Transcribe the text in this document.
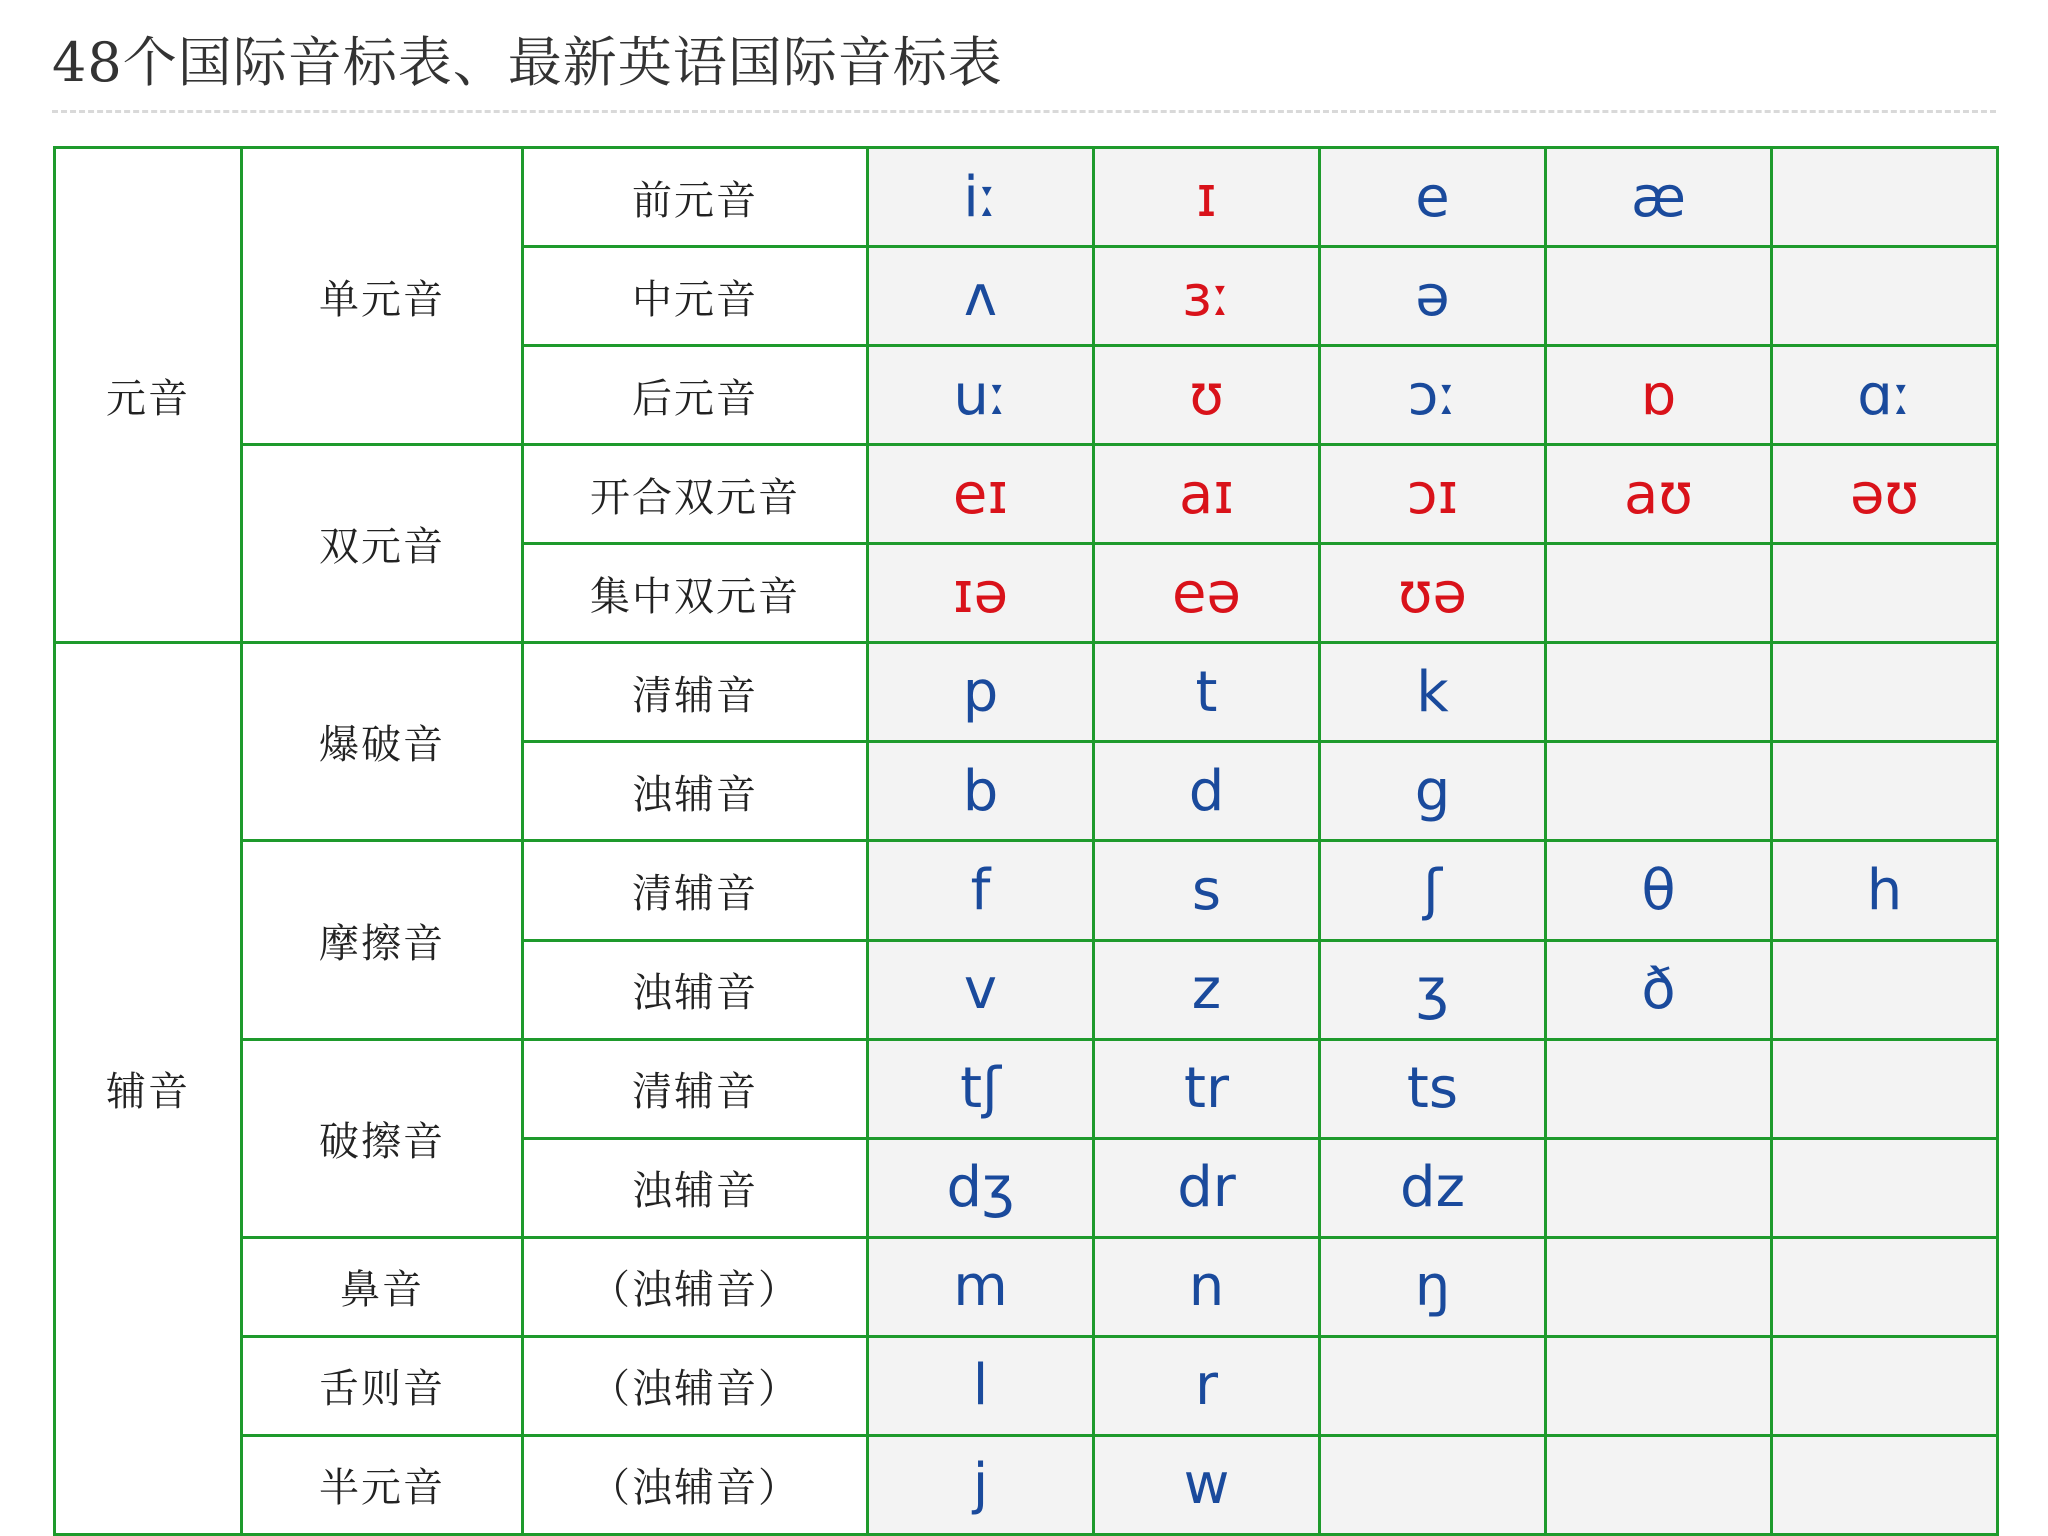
48个国际音标表、最新英语国际音标表
元音	单元音	前元音	iː	ɪ	e	æ	
		中元音	ʌ	ɜː	ə		
		后元音	uː	ʊ	ɔː	ɒ	ɑː
	双元音	开合双元音	eɪ	aɪ	ɔɪ	aʊ	əʊ
		集中双元音	ɪə	eə	ʊə		
辅音	爆破音	清辅音	p	t	k		
		浊辅音	b	d	g		
	摩擦音	清辅音	f	s	ʃ	θ	h
		浊辅音	v	z	ʒ	ð	
	破擦音	清辅音	tʃ	tr	ts		
		浊辅音	dʒ	dr	dz		
	鼻音	（浊辅音）	m	n	ŋ		
	舌则音	（浊辅音）	l	r			
	半元音	（浊辅音）	j	w			
